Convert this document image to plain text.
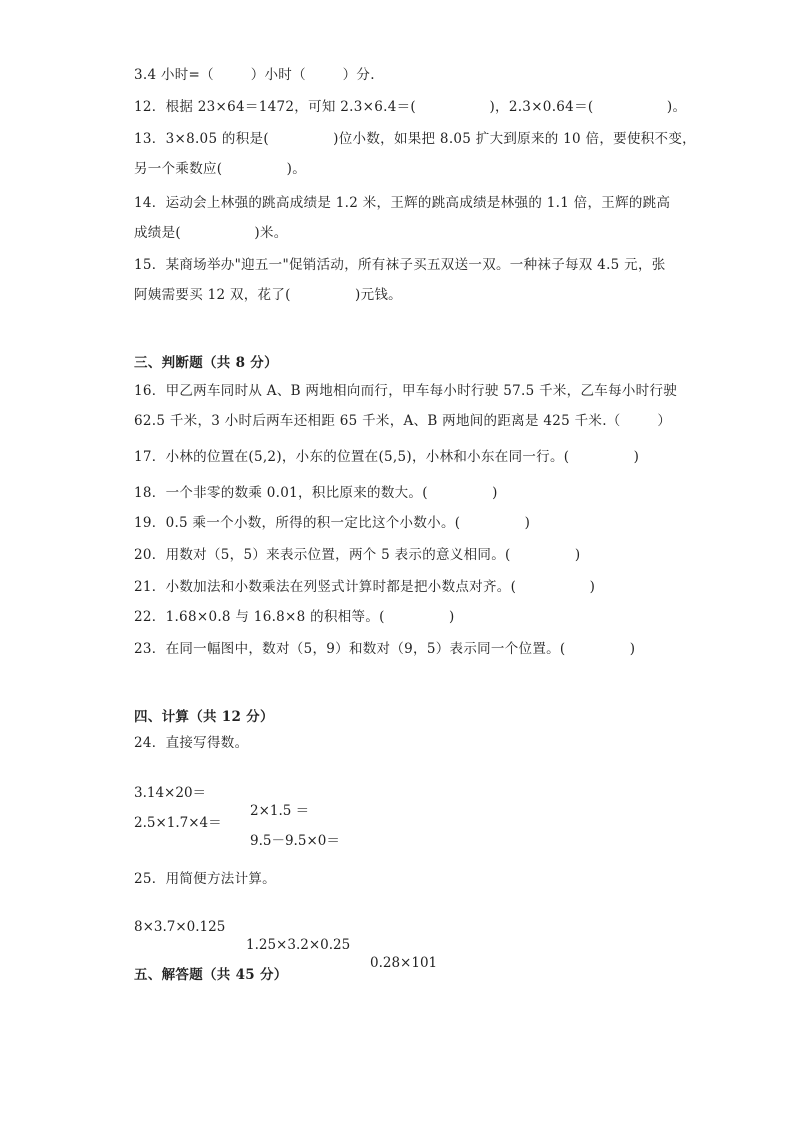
3.4 小时=（        ）小时（        ）分.
12．根据 23×64＝1472，可知 2.3×6.4＝(                )，2.3×0.64＝(                )。
13．3×8.05 的积是(              )位小数，如果把 8.05 扩大到原来的 10 倍，要使积不变，
另一个乘数应(              )。
14．运动会上林强的跳高成绩是 1.2 米，王辉的跳高成绩是林强的 1.1 倍，王辉的跳高
成绩是(                )米。
15．某商场举办"迎五一"促销活动，所有袜子买五双送一双。一种袜子每双 4.5 元，张
阿姨需要买 12 双，花了(              )元钱。
三、判断题（共 8 分）
16．甲乙两车同时从 A、B 两地相向而行，甲车每小时行驶 57.5 千米，乙车每小时行驶
62.5 千米，3 小时后两车还相距 65 千米，A、B 两地间的距离是 425 千米.（        ）
17．小林的位置在(5,2)，小东的位置在(5,5)，小林和小东在同一行。(              )
18．一个非零的数乘 0.01，积比原来的数大。(              )
19．0.5 乘一个小数，所得的积一定比这个小数小。(              )
20．用数对（5，5）来表示位置，两个 5 表示的意义相同。(              )
21．小数加法和小数乘法在列竖式计算时都是把小数点对齐。(                )
22．1.68×0.8 与 16.8×8 的积相等。(              )
23．在同一幅图中，数对（5，9）和数对（9，5）表示同一个位置。(              )
四、计算（共 12 分）
24．直接写得数。

3.14×20＝

2×1.5 ＝

2.5×1.7×4＝

9.5－9.5×0＝

25．用简便方法计算。

8×3.7×0.125

1.25×3.2×0.25

0.28×101

五、解答题（共 45 分）
